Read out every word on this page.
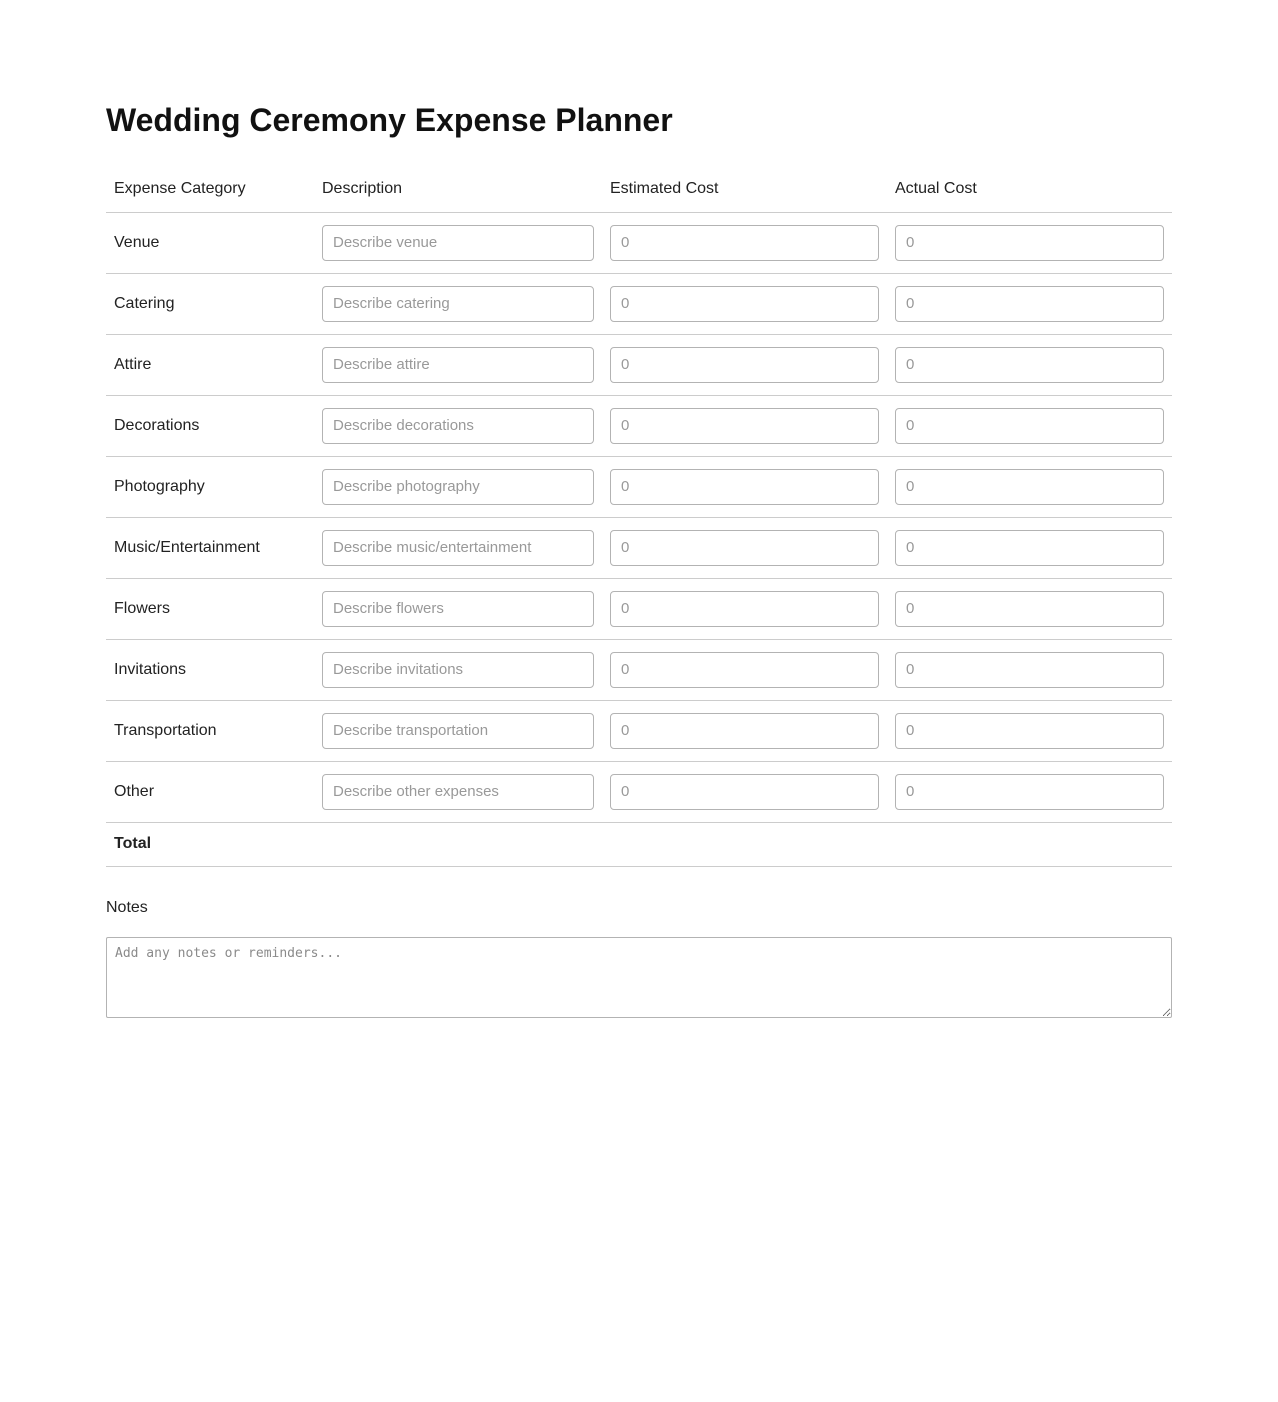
Wedding Ceremony Expense Planner
Expense Category	Description	Estimated Cost	Actual Cost
Venue	Describe venue	0	0
Catering	Describe catering	0	0
Attire	Describe attire	0	0
Decorations	Describe decorations	0	0
Photography	Describe photography	0	0
Music/Entertainment	Describe music/entertainment	0	0
Flowers	Describe flowers	0	0
Invitations	Describe invitations	0	0
Transportation	Describe transportation	0	0
Other	Describe other expenses	0	0
Total			
Notes
Add any notes or reminders...
